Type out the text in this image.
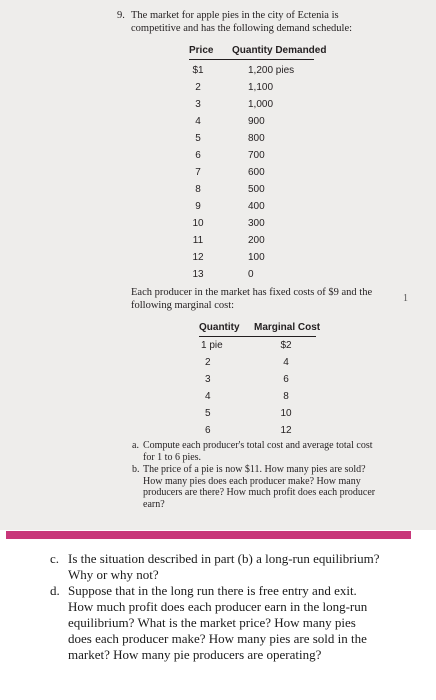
9. The market for apple pies in the city of Ectenia is competitive and has the following demand schedule:
Price Quantity Demanded
$1	1,200 pies
2	1,100
3	1,000
4	900
5	800
6	700
7	600
8	500
9	400
10	300
11	200
12	100
13	0
Each producer in the market has fixed costs of $9 and the following marginal cost:
1
Quantity Marginal Cost
1 pie	$2
2	4
3	6
4	8
5	10
6	12
a. Compute each producer's total cost and average total cost for 1 to 6 pies.
b. The price of a pie is now $11. How many pies are sold? How many pies does each producer make? How many producers are there? How much profit does each producer earn?
c. Is the situation described in part (b) a long-run equilibrium? Why or why not?
d. Suppose that in the long run there is free entry and exit. How much profit does each producer earn in the long-run equilibrium? What is the market price? How many pies does each producer make? How many pies are sold in the market? How many pie producers are operating?
